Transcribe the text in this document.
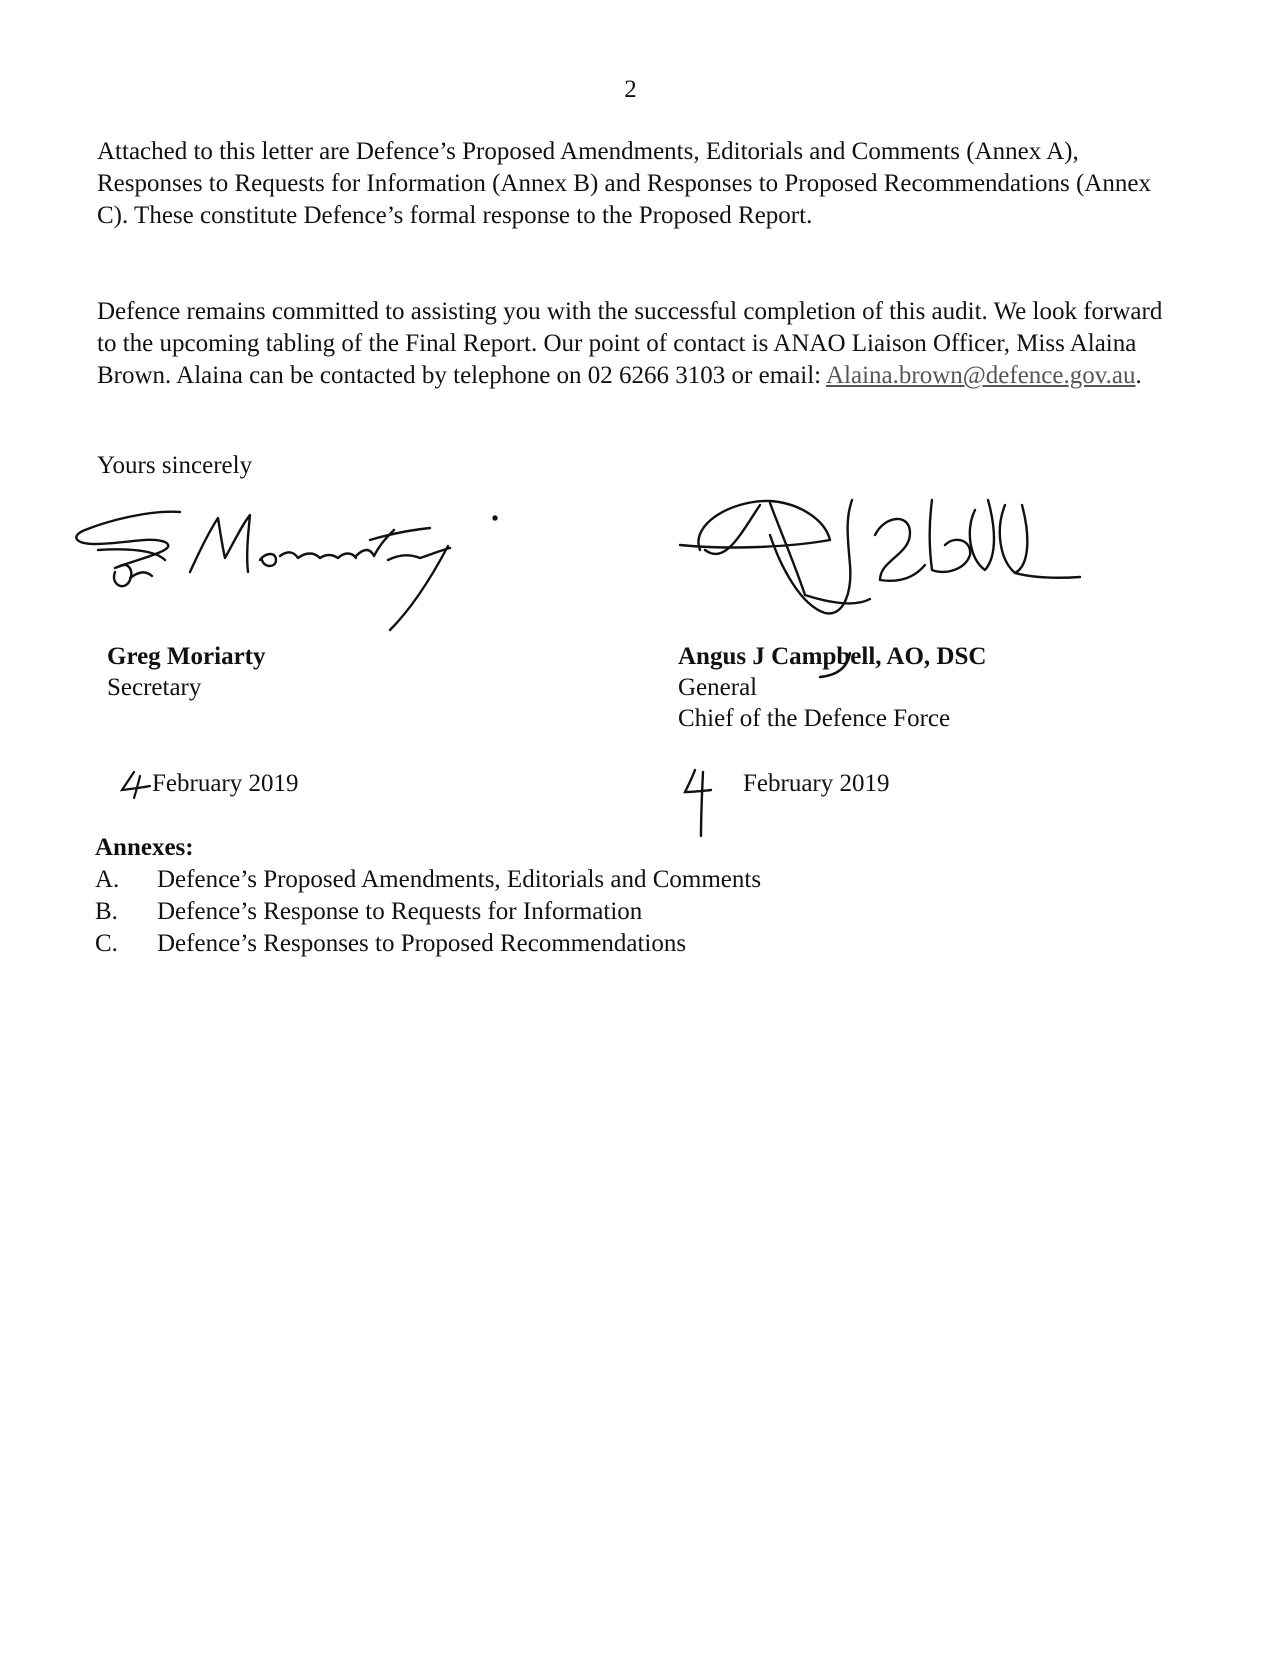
2

Attached to this letter are Defence’s Proposed Amendments, Editorials and Comments (Annex A), Responses to Requests for Information (Annex B) and Responses to Proposed Recommendations (Annex C). These constitute Defence’s formal response to the Proposed Report.

Defence remains committed to assisting you with the successful completion of this audit. We look forward to the upcoming tabling of the Final Report. Our point of contact is ANAO Liaison Officer, Miss Alaina Brown. Alaina can be contacted by telephone on 02 6266 3103 or email: Alaina.brown@defence.gov.au.

Yours sincerely
Greg Moriarty
Secretary
Angus J Campbell, AO, DSC
General
Chief of the Defence Force
February 2019	February 2019
Annexes:
A.	Defence’s Proposed Amendments, Editorials and Comments
B.	Defence’s Response to Requests for Information
C.	Defence’s Responses to Proposed Recommendations
